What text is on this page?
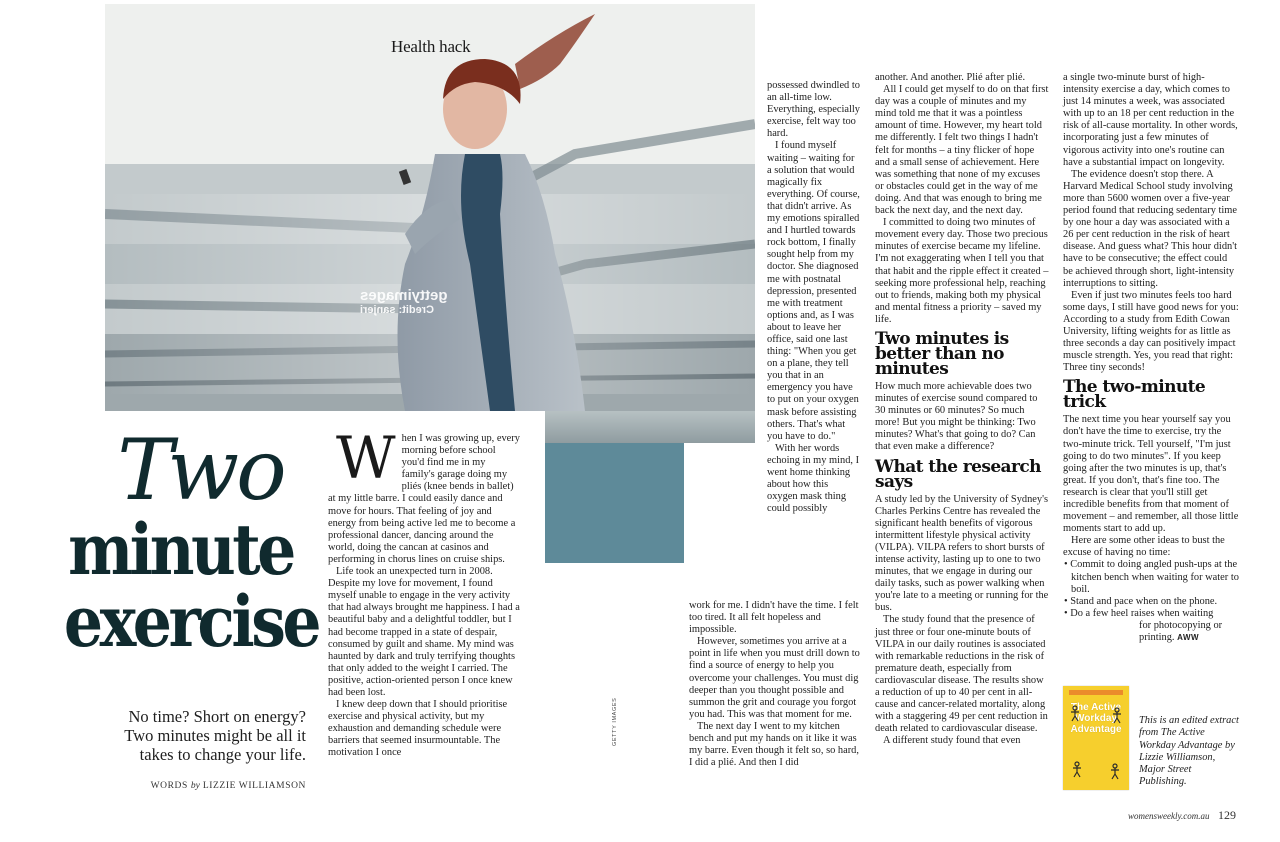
Health hack
gettyimages
Credit: sanjeri
Two
minute
exercise
No time? Short on energy? Two minutes might be all it takes to change your life.
WORDS by LIZZIE WILLIAMSON
W hen I was growing up, every morning before school you'd find me in my family's garage doing my pliés (knee bends in ballet) at my little barre. I could easily dance and move for hours. That feeling of joy and energy from being active led me to become a professional dancer, dancing around the world, doing the cancan at casinos and performing in chorus lines on cruise ships.

Life took an unexpected turn in 2008. Despite my love for movement, I found myself unable to engage in the very activity that had always brought me happiness. I had a beautiful baby and a delightful toddler, but I had become trapped in a state of despair, consumed by guilt and shame. My mind was haunted by dark and truly terrifying thoughts that only added to the weight I carried. The positive, action-oriented person I once knew had been lost.

I knew deep down that I should prioritise exercise and physical activity, but my exhaustion and demanding schedule were barriers that seemed insurmountable. The motivation I once

GETTY IMAGES

possessed dwindled to an all-time low. Everything, especially exercise, felt way too hard.

I found myself waiting – waiting for a solution that would magically fix everything. Of course, that didn't arrive. As my emotions spiralled and I hurtled towards rock bottom, I finally sought help from my doctor. She diagnosed me with postnatal depression, presented me with treatment options and, as I was about to leave her office, said one last thing: "When you get on a plane, they tell you that in an emergency you have to put on your oxygen mask before assisting others. That's what you have to do."

With her words echoing in my mind, I went home thinking about how this oxygen mask thing could possibly

work for me. I didn't have the time. I felt too tired. It all felt hopeless and impossible.

However, sometimes you arrive at a point in life when you must drill down to find a source of energy to help you overcome your challenges. You must dig deeper than you thought possible and summon the grit and courage you forgot you had. This was that moment for me.

The next day I went to my kitchen bench and put my hands on it like it was my barre. Even though it felt so, so hard, I did a plié. And then I did

another. And another. Plié after plié.

All I could get myself to do on that first day was a couple of minutes and my mind told me that it was a pointless amount of time. However, my heart told me differently. I felt two things I hadn't felt for months – a tiny flicker of hope and a small sense of achievement. Here was something that none of my excuses or obstacles could get in the way of me doing. And that was enough to bring me back the next day, and the next day.

I committed to doing two minutes of movement every day. Those two precious minutes of exercise became my lifeline. I'm not exaggerating when I tell you that that habit and the ripple effect it created – seeking more professional help, reaching out to friends, making both my physical and mental fitness a priority – saved my life.

Two minutes is better than no minutes

How much more achievable does two minutes of exercise sound compared to 30 minutes or 60 minutes? So much more! But you might be thinking: Two minutes? What's that going to do? Can that even make a difference?

What the research says

A study led by the University of Sydney's Charles Perkins Centre has revealed the significant health benefits of vigorous intermittent lifestyle physical activity (VILPA). VILPA refers to short bursts of intense activity, lasting up to one to two minutes, that we engage in during our daily tasks, such as power walking when you're late to a meeting or running for the bus.

The study found that the presence of just three or four one-minute bouts of VILPA in our daily routines is associated with remarkable reductions in the risk of premature death, especially from cardiovascular disease. The results show a reduction of up to 40 per cent in all-cause and cancer-related mortality, along with a staggering 49 per cent reduction in death related to cardiovascular disease.

A different study found that even

a single two-minute burst of high-intensity exercise a day, which comes to just 14 minutes a week, was associated with up to an 18 per cent reduction in the risk of all-cause mortality. In other words, incorporating just a few minutes of vigorous activity into one's routine can have a substantial impact on longevity.

The evidence doesn't stop there. A Harvard Medical School study involving more than 5600 women over a five-year period found that reducing sedentary time by one hour a day was associated with a 26 per cent reduction in the risk of heart disease. And guess what? This hour didn't have to be consecutive; the effect could be achieved through short, light-intensity interruptions to sitting.

Even if just two minutes feels too hard some days, I still have good news for you: According to a study from Edith Cowan University, lifting weights for as little as three seconds a day can positively impact muscle strength. Yes, you read that right: Three tiny seconds!

The two-minute trick

The next time you hear yourself say you don't have the time to exercise, try the two-minute trick. Tell yourself, "I'm just going to do two minutes". If you keep going after the two minutes is up, that's great. If you don't, that's fine too. The research is clear that you'll still get incredible benefits from that moment of movement – and remember, all those little moments start to add up.

Here are some other ideas to bust the excuse of having no time:

• Commit to doing angled push-ups at the kitchen bench when waiting for water to boil.
• Stand and pace when on the phone.
• Do a few heel raises when waiting

for photocopying or printing. AWW

The Active Workday Advantage
This is an edited extract from The Active Workday Advantage by Lizzie Williamson, Major Street Publishing.
womensweekly.com.au 129
